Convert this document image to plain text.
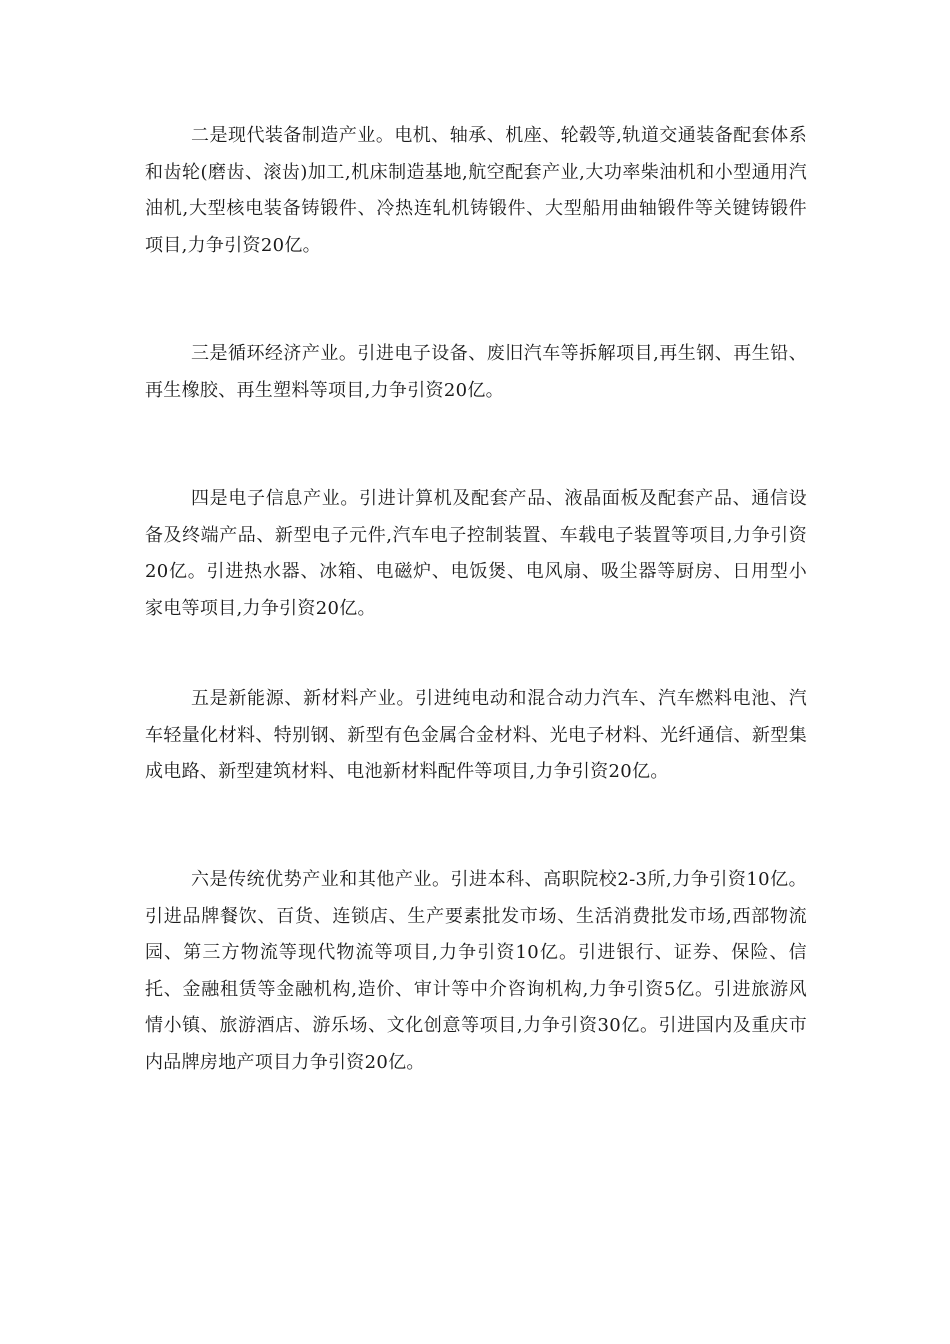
二是现代装备制造产业。电机、轴承、机座、轮毂等,轨道交通装备配套体系和齿轮(磨齿、滚齿)加工,机床制造基地,航空配套产业,大功率柴油机和小型通用汽油机,大型核电装备铸锻件、冷热连轧机铸锻件、大型船用曲轴锻件等关键铸锻件项目,力争引资20亿。

三是循环经济产业。引进电子设备、废旧汽车等拆解项目,再生钢、再生铅、再生橡胶、再生塑料等项目,力争引资20亿。

四是电子信息产业。引进计算机及配套产品、液晶面板及配套产品、通信设备及终端产品、新型电子元件,汽车电子控制装置、车载电子装置等项目,力争引资20亿。引进热水器、冰箱、电磁炉、电饭煲、电风扇、吸尘器等厨房、日用型小家电等项目,力争引资20亿。

五是新能源、新材料产业。引进纯电动和混合动力汽车、汽车燃料电池、汽车轻量化材料、特别钢、新型有色金属合金材料、光电子材料、光纤通信、新型集成电路、新型建筑材料、电池新材料配件等项目,力争引资20亿。

六是传统优势产业和其他产业。引进本科、高职院校2-3所,力争引资10亿。引进品牌餐饮、百货、连锁店、生产要素批发市场、生活消费批发市场,西部物流园、第三方物流等现代物流等项目,力争引资10亿。引进银行、证券、保险、信托、金融租赁等金融机构,造价、审计等中介咨询机构,力争引资5亿。引进旅游风情小镇、旅游酒店、游乐场、文化创意等项目,力争引资30亿。引进国内及重庆市内品牌房地产项目力争引资20亿。
